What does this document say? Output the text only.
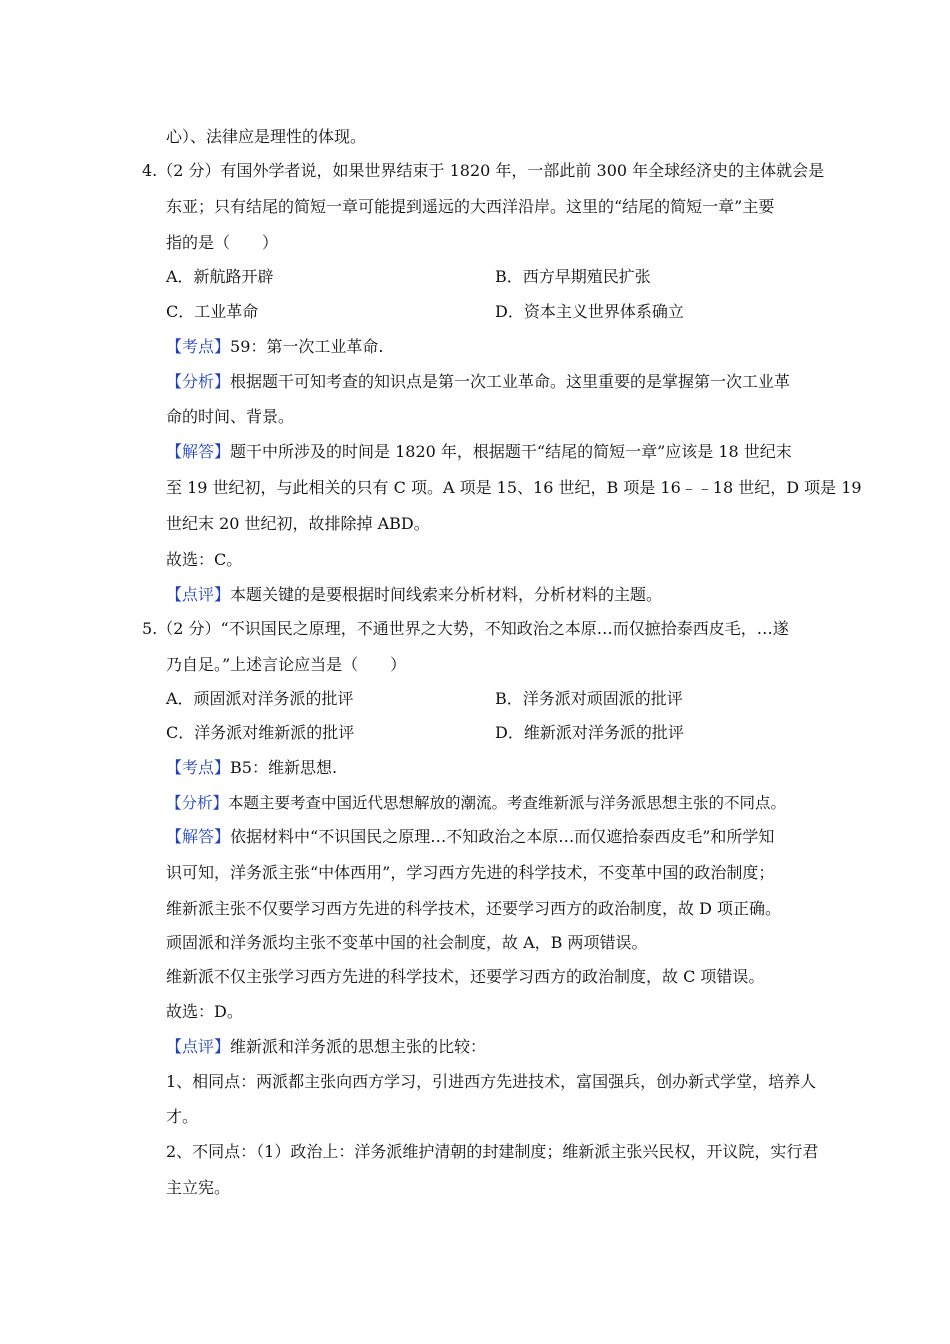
心）、法律应是理性的体现。
4.（2 分）有国外学者说，如果世界结束于 1820 年，一部此前 300 年全球经济史的主体就会是
东亚；只有结尾的简短一章可能提到遥远的大西洋沿岸。这里的“结尾的简短一章”主要
指的是（　　）
A．新航路开辟	B．西方早期殖民扩张
C．工业革命	D．资本主义世界体系确立
【考点】59：第一次工业革命.
【分析】根据题干可知考查的知识点是第一次工业革命。这里重要的是掌握第一次工业革
命的时间、背景。
【解答】题干中所涉及的时间是 1820 年，根据题干“结尾的简短一章”应该是 18 世纪末
至 19 世纪初，与此相关的只有 C 项。A 项是 15、16 世纪，B 项是 16﹣﹣18 世纪，D 项是 19
世纪末 20 世纪初，故排除掉 ABD。
故选：C。
【点评】本题关键的是要根据时间线索来分析材料，分析材料的主题。
5.（2 分）“不识国民之原理，不通世界之大势，不知政治之本原…而仅摭拾泰西皮毛，…遂
乃自足。”上述言论应当是（　　）
A．顽固派对洋务派的批评	B．洋务派对顽固派的批评
C．洋务派对维新派的批评	D．维新派对洋务派的批评
【考点】B5：维新思想.
【分析】本题主要考查中国近代思想解放的潮流。考查维新派与洋务派思想主张的不同点。
【解答】依据材料中“不识国民之原理…不知政治之本原…而仅遮拾泰西皮毛”和所学知
识可知，洋务派主张“中体西用”，学习西方先进的科学技术，不变革中国的政治制度；
维新派主张不仅要学习西方先进的科学技术，还要学习西方的政治制度，故 D 项正确。
顽固派和洋务派均主张不变革中国的社会制度，故 A，B 两项错误。
维新派不仅主张学习西方先进的科学技术，还要学习西方的政治制度，故 C 项错误。
故选：D。
【点评】维新派和洋务派的思想主张的比较：
1、相同点：两派都主张向西方学习，引进西方先进技术，富国强兵，创办新式学堂，培养人
才。
2、不同点：（1）政治上：洋务派维护清朝的封建制度；维新派主张兴民权，开议院，实行君
主立宪。
